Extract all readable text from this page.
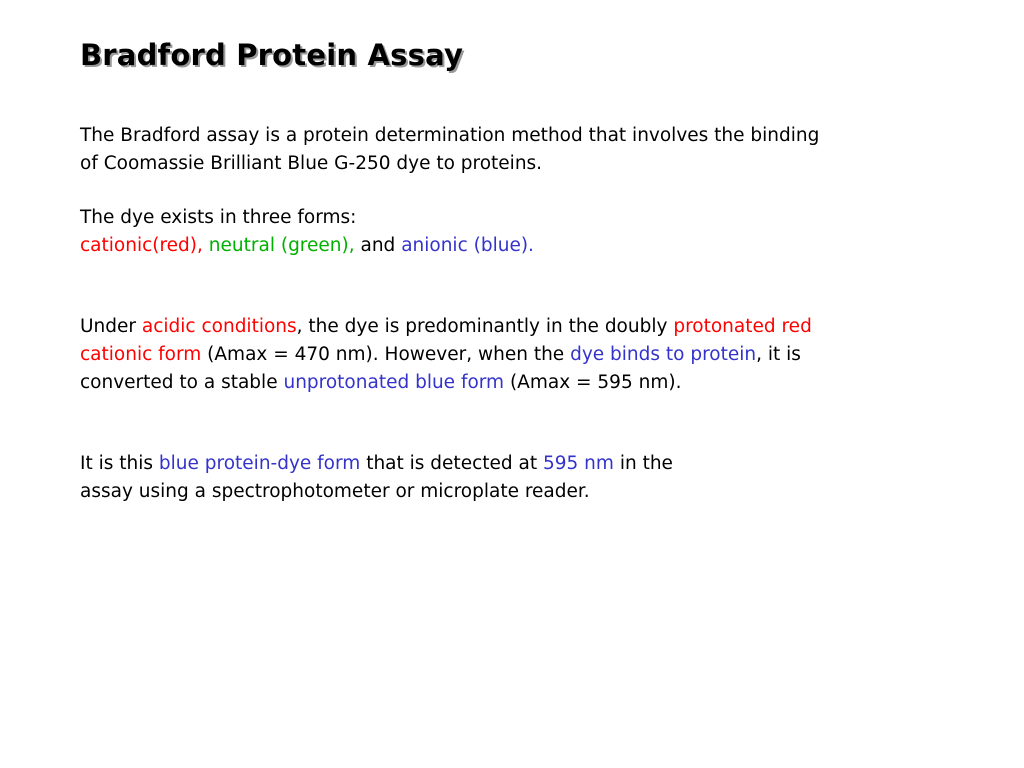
Bradford Protein Assay
The Bradford assay is a protein determination method that involves the binding
of Coomassie Brilliant Blue G-250 dye to proteins.
The dye exists in three forms:
cationic(red), neutral (green), and anionic (blue).
Under acidic conditions, the dye is predominantly in the doubly protonated red
cationic form (Amax = 470 nm). However, when the dye binds to protein, it is
converted to a stable unprotonated blue form (Amax = 595 nm).
It is this blue protein-dye form that is detected at 595 nm in the
assay using a spectrophotometer or microplate reader.
